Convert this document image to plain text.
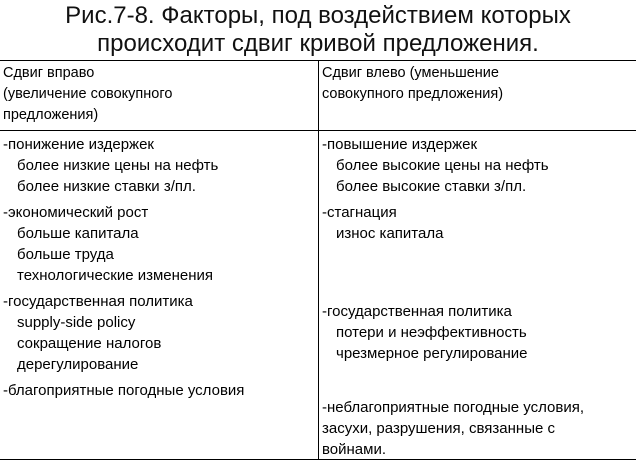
Рис.7-8. Факторы, под воздействием которых
происходит сдвиг кривой предложения.
Сдвиг вправо
(увеличение совокупного
предложения)
Сдвиг влево (уменьшение
совокупного предложения)
-понижение издержек
более низкие цены на нефть
более низкие ставки з/пл.
-экономический рост
больше капитала
больше труда
технологические изменения
-государственная политика
supply-side policy
сокращение налогов
дерегулирование
-благоприятные погодные условия
-повышение издержек
более высокие цены на нефть
более высокие ставки з/пл.
-стагнация
износ капитала
-государственная политика
потери и неэффективность
чрезмерное регулирование
-неблагоприятные погодные условия,
засухи, разрушения, связанные с
войнами.
